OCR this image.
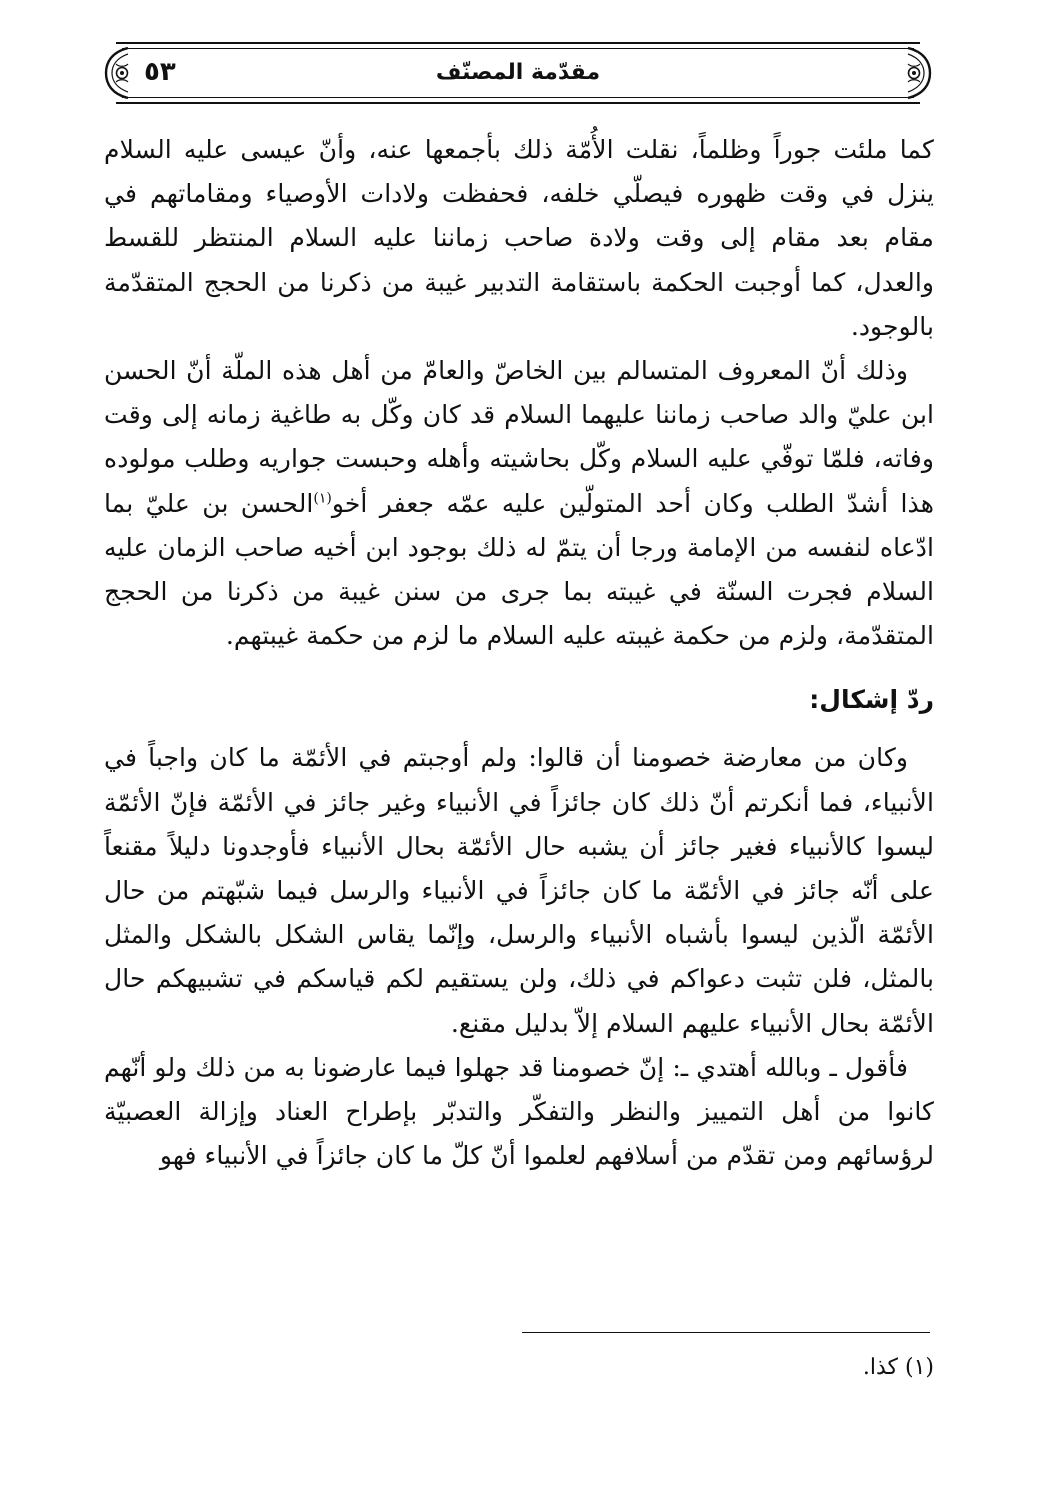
مقدّمة المصنّف
٥٣

كما ملئت جوراً وظلماً، نقلت الأُمّة ذلك بأجمعها عنه، وأنّ عيسى عليه السلام ينزل في وقت ظهوره فيصلّي خلفه، فحفظت ولادات الأوصياء ومقاماتهم في مقام بعد مقام إلى وقت ولادة صاحب زماننا عليه السلام المنتظر للقسط والعدل، كما أوجبت الحكمة باستقامة التدبير غيبة من ذكرنا من الحجج المتقدّمة بالوجود.

وذلك أنّ المعروف المتسالم بين الخاصّ والعامّ من أهل هذه الملّة أنّ الحسن ابن عليّ والد صاحب زماننا عليهما السلام قد كان وكّل به طاغية زمانه إلى وقت وفاته، فلمّا توفّي عليه السلام وكّل بحاشيته وأهله وحبست جواريه وطلب مولوده هذا أشدّ الطلب وكان أحد المتولّين عليه عمّه جعفر أخو$^{(١)}$الحسن بن عليّ بما ادّعاه لنفسه من الإمامة ورجا أن يتمّ له ذلك بوجود ابن أخيه صاحب الزمان عليه السلام فجرت السنّة في غيبته بما جرى من سنن غيبة من ذكرنا من الحجج المتقدّمة، ولزم من حكمة غيبته عليه السلام ما لزم من حكمة غيبتهم.

ردّ إشكال:

وكان من معارضة خصومنا أن قالوا: ولم أوجبتم في الأئمّة ما كان واجباً في الأنبياء، فما أنكرتم أنّ ذلك كان جائزاً في الأنبياء وغير جائز في الأئمّة فإنّ الأئمّة ليسوا كالأنبياء فغير جائز أن يشبه حال الأئمّة بحال الأنبياء فأوجدونا دليلاً مقنعاً على أنّه جائز في الأئمّة ما كان جائزاً في الأنبياء والرسل فيما شبّهتم من حال الأئمّة الّذين ليسوا بأشباه الأنبياء والرسل، وإنّما يقاس الشكل بالشكل والمثل بالمثل، فلن تثبت دعواكم في ذلك، ولن يستقيم لكم قياسكم في تشبيهكم حال الأئمّة بحال الأنبياء عليهم السلام إلاّ بدليل مقنع.

فأقول ـ وبالله أهتدي ـ: إنّ خصومنا قد جهلوا فيما عارضونا به من ذلك ولو أنّهم كانوا من أهل التمييز والنظر والتفكّر والتدبّر بإطراح العناد وإزالة العصبيّة لرؤسائهم ومن تقدّم من أسلافهم لعلموا أنّ كلّ ما كان جائزاً في الأنبياء فهو

(١) كذا.
